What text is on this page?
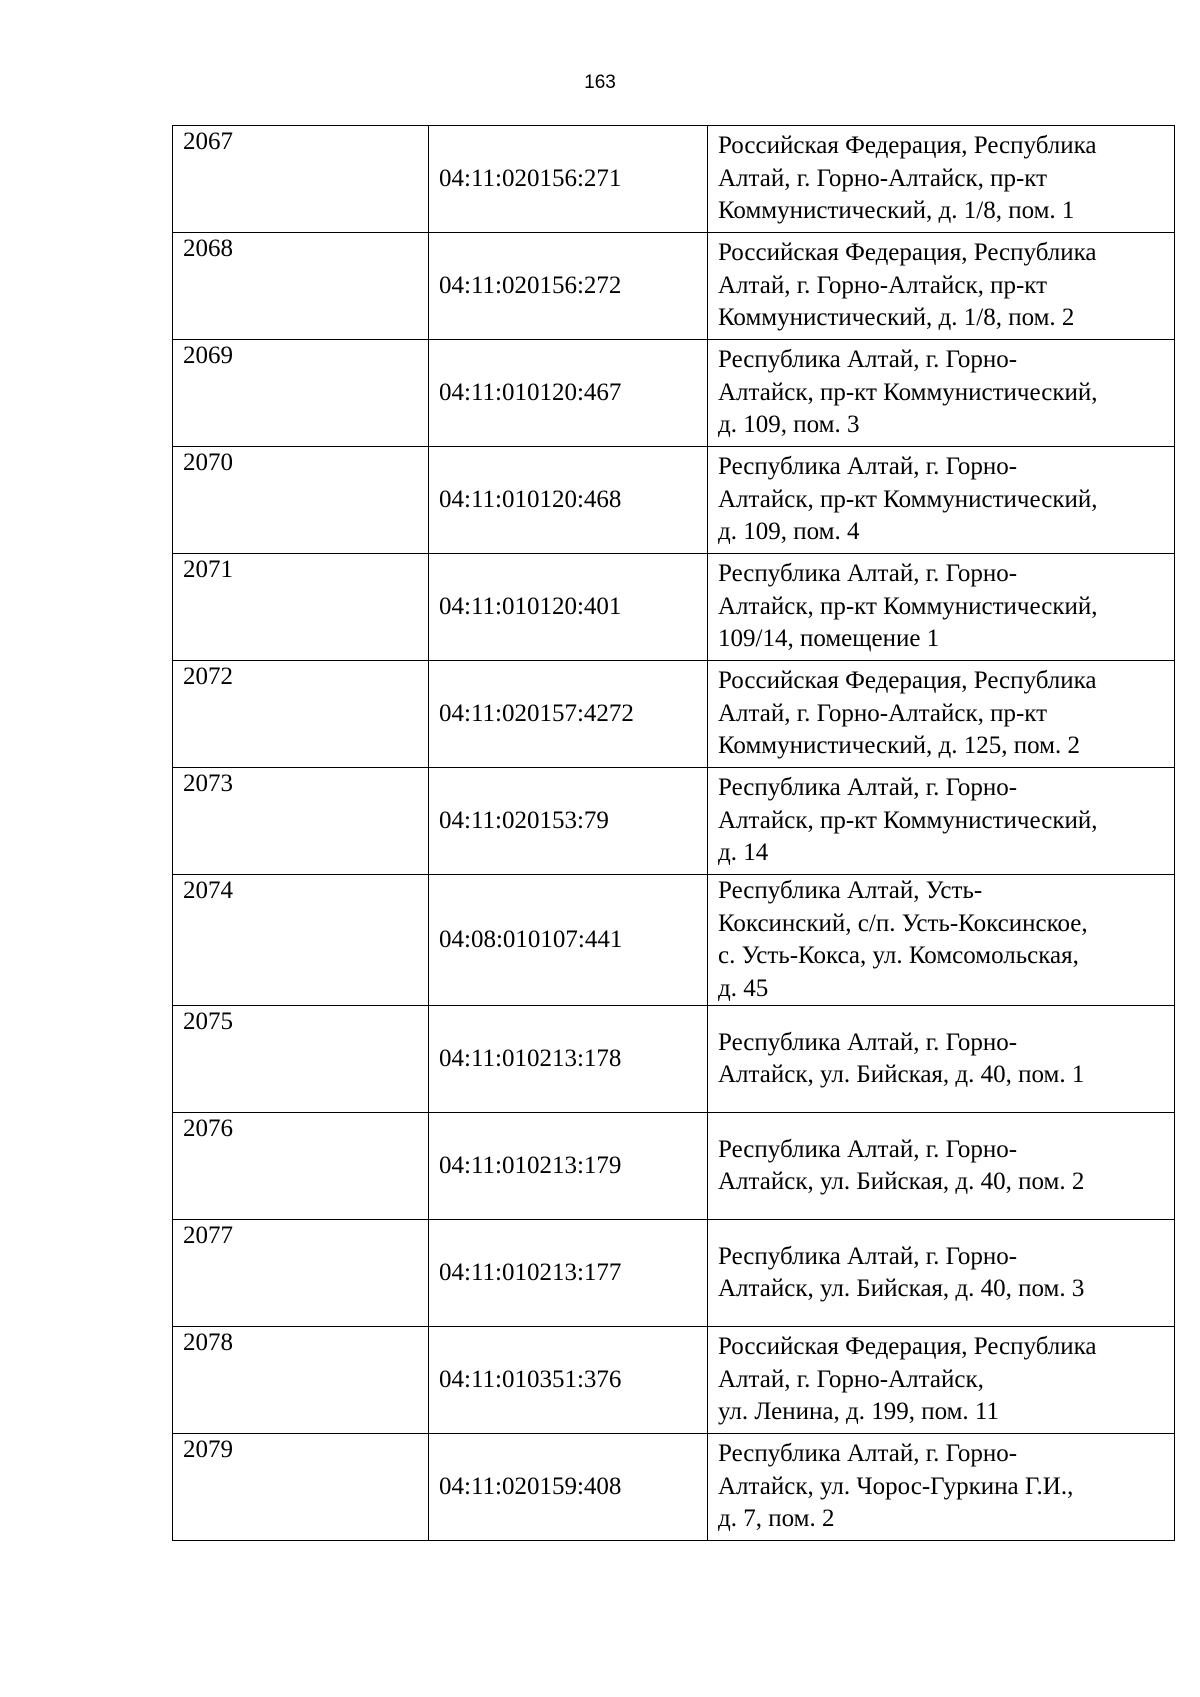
163
2067	04:11:020156:271	Российская Федерация, Республика
Алтай, г. Горно-Алтайск, пр-кт
Коммунистический, д. 1/8, пом. 1

2068	04:11:020156:272	Российская Федерация, Республика
Алтай, г. Горно-Алтайск, пр-кт
Коммунистический, д. 1/8, пом. 2

2069	04:11:010120:467	Республика Алтай, г. Горно-
Алтайск, пр-кт Коммунистический,
д. 109, пом. 3

2070	04:11:010120:468	Республика Алтай, г. Горно-
Алтайск, пр-кт Коммунистический,
д. 109, пом. 4

2071	04:11:010120:401	Республика Алтай, г. Горно-
Алтайск, пр-кт Коммунистический,
109/14, помещение 1

2072	04:11:020157:4272	Российская Федерация, Республика
Алтай, г. Горно-Алтайск, пр-кт
Коммунистический, д. 125, пом. 2

2073	04:11:020153:79	Республика Алтай, г. Горно-
Алтайск, пр-кт Коммунистический,
д. 14

2074	04:08:010107:441	Республика Алтай, Усть-
Коксинский, с/п. Усть-Коксинское,
с. Усть-Кокса, ул. Комсомольская,
д. 45

2075	04:11:010213:178	Республика Алтай, г. Горно-
Алтайск, ул. Бийская, д. 40, пом. 1

2076	04:11:010213:179	Республика Алтай, г. Горно-
Алтайск, ул. Бийская, д. 40, пом. 2

2077	04:11:010213:177	Республика Алтай, г. Горно-
Алтайск, ул. Бийская, д. 40, пом. 3

2078	04:11:010351:376	Российская Федерация, Республика
Алтай, г. Горно-Алтайск,
ул. Ленина, д. 199, пом. 11

2079	04:11:020159:408	Республика Алтай, г. Горно-
Алтайск, ул. Чорос-Гуркина Г.И.,
д. 7, пом. 2
